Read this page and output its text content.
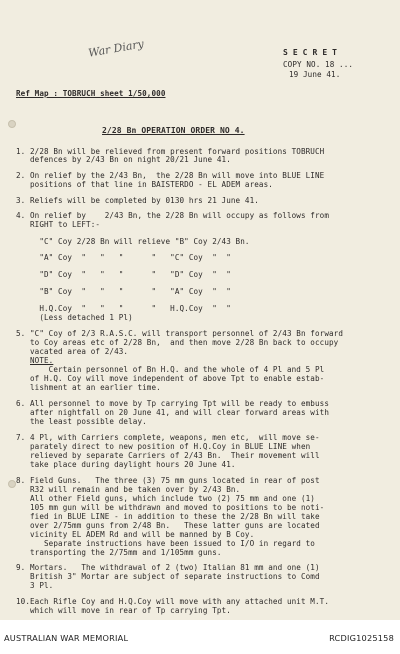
War Diary	S E C R E T
COPY NO. 18 ...
19 June 41.
Ref Map : TOBRUCH sheet 1/50,000
2/28 Bn OPERATION ORDER NO 4.
1. 2/28 Bn will be relieved from present forward positions TOBRUCH
defences by 2/43 Bn on night 20/21 June 41.
2. On relief by the 2/43 Bn,  the 2/28 Bn will move into BLUE LINE
positions of that line in BAISTERDO - EL ADEM areas.
3. Reliefs will be completed by 0130 hrs 21 June 41.
4. On relief by    2/43 Bn, the 2/28 Bn will occupy as follows from
RIGHT to LEFT:-
"C" Coy 2/28 Bn will relieve "B" Coy 2/43 Bn.
"A" Coy  "   "   "      "   "C" Coy  "  "
"D" Coy  "   "   "      "   "D" Coy  "  "
"B" Coy  "   "   "      "   "A" Coy  "  "
H.Q.Coy  "   "   "      "   H.Q.Coy  "  "
(Less detached 1 Pl)
5. "C" Coy of 2/3 R.A.S.C. will transport personnel of 2/43 Bn forward
to Coy areas etc of 2/28 Bn,  and then move 2/28 Bn back to occupy
vacated area of 2/43.
NOTE.
Certain personnel of Bn H.Q. and the whole of 4 Pl and 5 Pl
of H.Q. Coy will move independent of above Tpt to enable estab-
lishment at an earlier time.
6. All personnel to move by Tp carrying Tpt will be ready to embuss
after nightfall on 20 June 41, and will clear forward areas with
the least possible delay.
7. 4 Pl, with Carriers complete, weapons, men etc,  will move se-
parately direct to new position of H.Q.Coy in BLUE LINE when
relieved by separate Carriers of 2/43 Bn.  Their movement will
take place during daylight hours 20 June 41.
8. Field Guns.   The three (3) 75 mm guns located in rear of post
R32 will remain and be taken over by 2/43 Bn.
All other Field guns, which include two (2) 75 mm and one (1)
105 mm gun will be withdrawn and moved to positions to be noti-
fied in BLUE LINE - in addition to these the 2/28 Bn will take
over 2/75mm guns from 2/48 Bn.   These latter guns are located
vicinity EL ADEM Rd and will be manned by B Coy.
Separate instructions have been issued to I/O in regard to
transporting the 2/75mm and 1/105mm guns.
9. Mortars.   The withdrawal of 2 (two) Italian 81 mm and one (1)
British 3" Mortar are subject of separate instructions to Comd
3 Pl.
10. Each Rifle Coy and H.Q.Coy will move with any attached unit M.T.
which will move in rear of Tp carrying Tpt.
AUSTRALIAN WAR MEMORIAL	RCDIG1025158
